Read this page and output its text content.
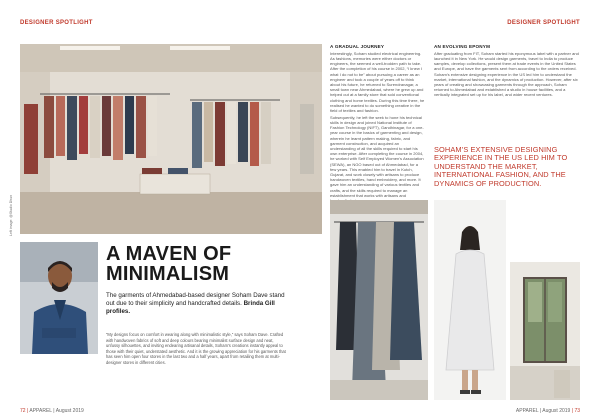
DESIGNER SPOTLIGHT	DESIGNER SPOTLIGHT
Left image: @Studio Dhun
A MAVEN OF MINIMALISM
The garments of Ahmedabad-based designer Soham Dave stand out due to their simplicity and handcrafted details. Brinda Gill profiles.
“My designs focus on comfort in wearing along with minimalistic style,” says Soham Dave. Crafted with handwoven fabrics of soft and deep colours bearing minimalist surface design and neat, unfussy silhouettes, and inviting endearing artisanal details, Soham’s creations instantly appeal to those with their quiet, understated aesthetic. And it is the growing appreciation for his garments that has seen him open four stores in the last two and a half years, apart from retailing them at multi-designer stores in different cities.
A GRADUAL JOURNEY

Interestingly, Soham studied electrical engineering. As fashions, memories were either doctors or engineers, the seemed a well-trodden path to take. After the completion of his course in 2002, “I knew I what I do not to be” about pursuing a career as an engineer and took a couple of years off to think about his future, he returned to Surendranagar, a small town near Ahmedabad, where he grew up and helped out at a family store that sold conventional clothing and home textiles. During this time there, he realised he wanted to do something creative in the field of textiles and fashion.

Subsequently, he left the seek to hone his technical skills in design and joined National Institute of Fashion Technology (NIFT), Gandhinagar, for a one-year course in the basics of garmenting and design, wherein he learnt pattern making, fabric, and garment construction, and acquired an understanding of all the skills required to start his own enterprise. After completing the course in 2004, he worked with Self Employed Women’s Association (SEWA), an NGO based out of Ahmedabad, for a few years. This enabled him to travel in Kutch, Gujarat, and work closely with artisans to produce handwoven textiles, hand embroidery, and more. It gave him an understanding of various textiles and crafts, and the skills required to manage an establishment that works with artisans and

AN EVOLVING EPONYM

After graduating from FIT, Soham started his eponymous label with a partner and launched it in New York. He would design garments, travel to India to produce samples, develop collections, present them at trade events in the United States and Europe, and have the garments sent from according to the orders received. Soham’s extensive designing experience in the US led him to understand the market, international fashion, and the dynamics of production. However, after six years of creating and showcasing garments through the approach, Soham returned to Ahmedabad and established a studio in house facilities, and a vertically integrated set up for his label, and wider recent ventures.

SOHAM’S EXTENSIVE DESIGNING EXPERIENCE IN THE US LED HIM TO UNDERSTAND THE MARKET, INTERNATIONAL FASHION, AND THE DYNAMICS OF PRODUCTION.
72 | APPAREL | August 2019	APPAREL | August 2019 | 73
